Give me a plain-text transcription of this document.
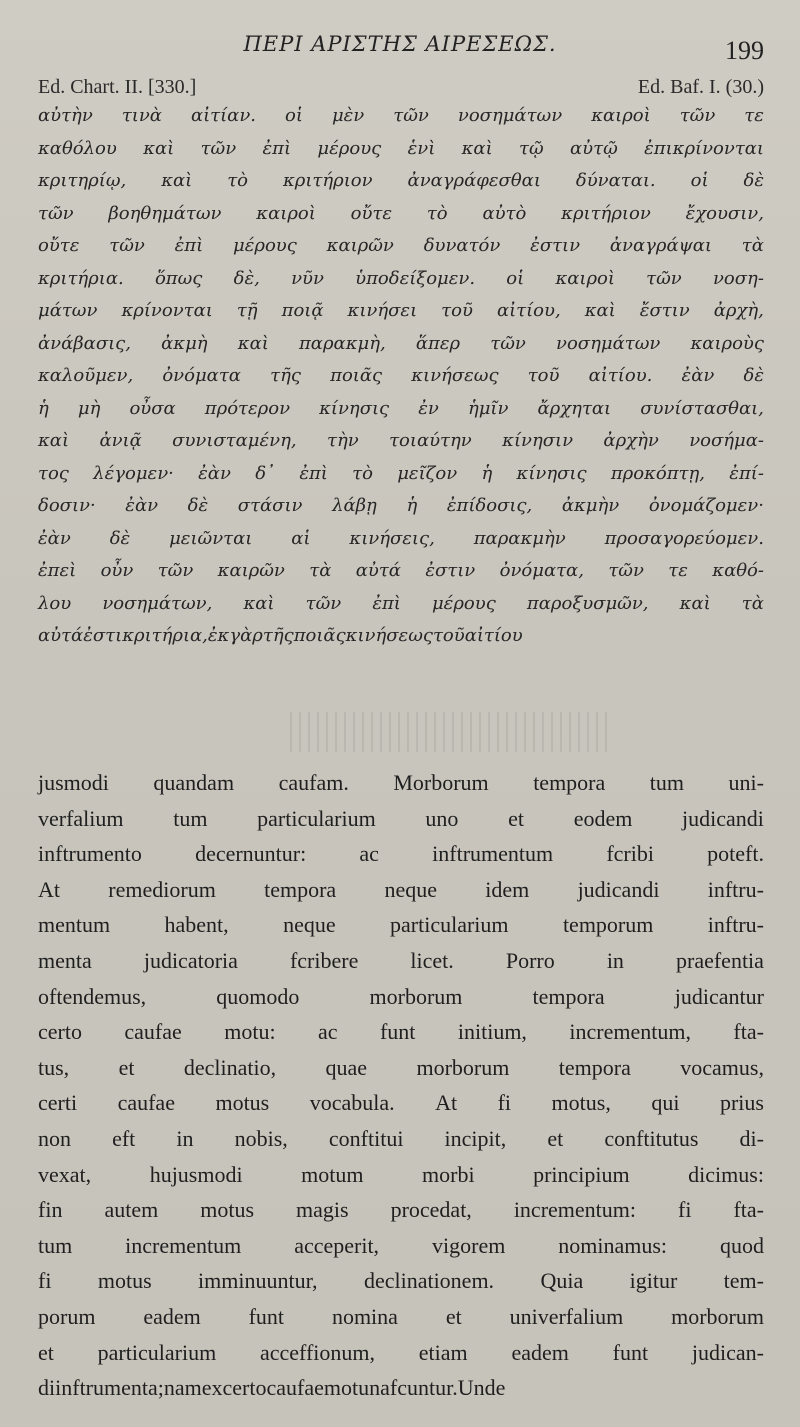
ΠΕΡΙ ΑΡΙΣΤΗΣ ΑΙΡΕΣΕΩΣ.	199
Ed. Chart. II. [330.]	Ed. Baf. I. (30.)
αὐτὴν τινὰ αἰτίαν. οἱ μὲν τῶν νοσημάτων καιροὶ τῶν τε
καθόλου καὶ τῶν ἐπὶ μέρους ἑνὶ καὶ τῷ αὐτῷ ἐπικρίνονται
κριτηρίῳ, καὶ τὸ κριτήριον ἀναγράφεσθαι δύναται. οἱ δὲ
τῶν βοηθημάτων καιροὶ οὔτε τὸ αὐτὸ κριτήριον ἔχουσιν,
οὔτε τῶν ἐπὶ μέρους καιρῶν δυνατόν ἐστιν ἀναγράψαι τὰ
κριτήρια. ὅπως δὲ, νῦν ὑποδείξομεν. οἱ καιροὶ τῶν νοση-
μάτων κρίνονται τῇ ποιᾷ κινήσει τοῦ αἰτίου, καὶ ἔστιν ἀρχὴ,
ἀνάβασις, ἀκμὴ καὶ παρακμὴ, ἅπερ τῶν νοσημάτων καιροὺς
καλοῦμεν, ὀνόματα τῆς ποιᾶς κινήσεως τοῦ αἰτίου. ἐὰν δὲ
ἡ μὴ οὖσα πρότερον κίνησις ἐν ἡμῖν ἄρχηται συνίστασθαι,
καὶ ἀνιᾷ συνισταμένη, τὴν τοιαύτην κίνησιν ἀρχὴν νοσήμα-
τος λέγομεν· ἐὰν δ᾽ ἐπὶ τὸ μεῖζον ἡ κίνησις προκόπτῃ, ἐπί-
δοσιν· ἐὰν δὲ στάσιν λάβῃ ἡ ἐπίδοσις, ἀκμὴν ὀνομάζομεν·
ἐὰν δὲ μειῶνται αἱ κινήσεις, παρακμὴν προσαγορεύομεν.
ἐπεὶ οὖν τῶν καιρῶν τὰ αὐτά ἐστιν ὀνόματα, τῶν τε καθό-
λου νοσημάτων, καὶ τῶν ἐπὶ μέρους παροξυσμῶν, καὶ τὰ
αὐτά ἐστι κριτήρια, ἐκ γὰρ τῆς ποιᾶς κινήσεως τοῦ αἰτίου
jusmodi quandam caufam. Morborum tempora tum uni-
verfalium tum particularium uno et eodem judicandi
inftrumento decernuntur: ac inftrumentum fcribi poteft.
At remediorum tempora neque idem judicandi inftru-
mentum habent, neque particularium temporum inftru-
menta judicatoria fcribere licet. Porro in praefentia
oftendemus,	quomodo	morborum	tempora	judicantur
certo caufae motu: ac funt initium, incrementum, fta-
tus, et declinatio, quae morborum tempora vocamus,
certi caufae motus vocabula. At fi motus, qui prius
non eft in nobis, conftitui incipit, et conftitutus di-
vexat,	hujusmodi	motum	morbi	principium	dicimus:
fin autem motus magis procedat, incrementum: fi fta-
tum incrementum acceperit, vigorem nominamus: quod
fi motus imminuuntur, declinationem. Quia igitur tem-
porum eadem funt nomina et univerfalium morborum
et particularium acceffionum, etiam eadem funt judican-
di inftrumenta; nam ex certo caufae motu nafcuntur. Unde
